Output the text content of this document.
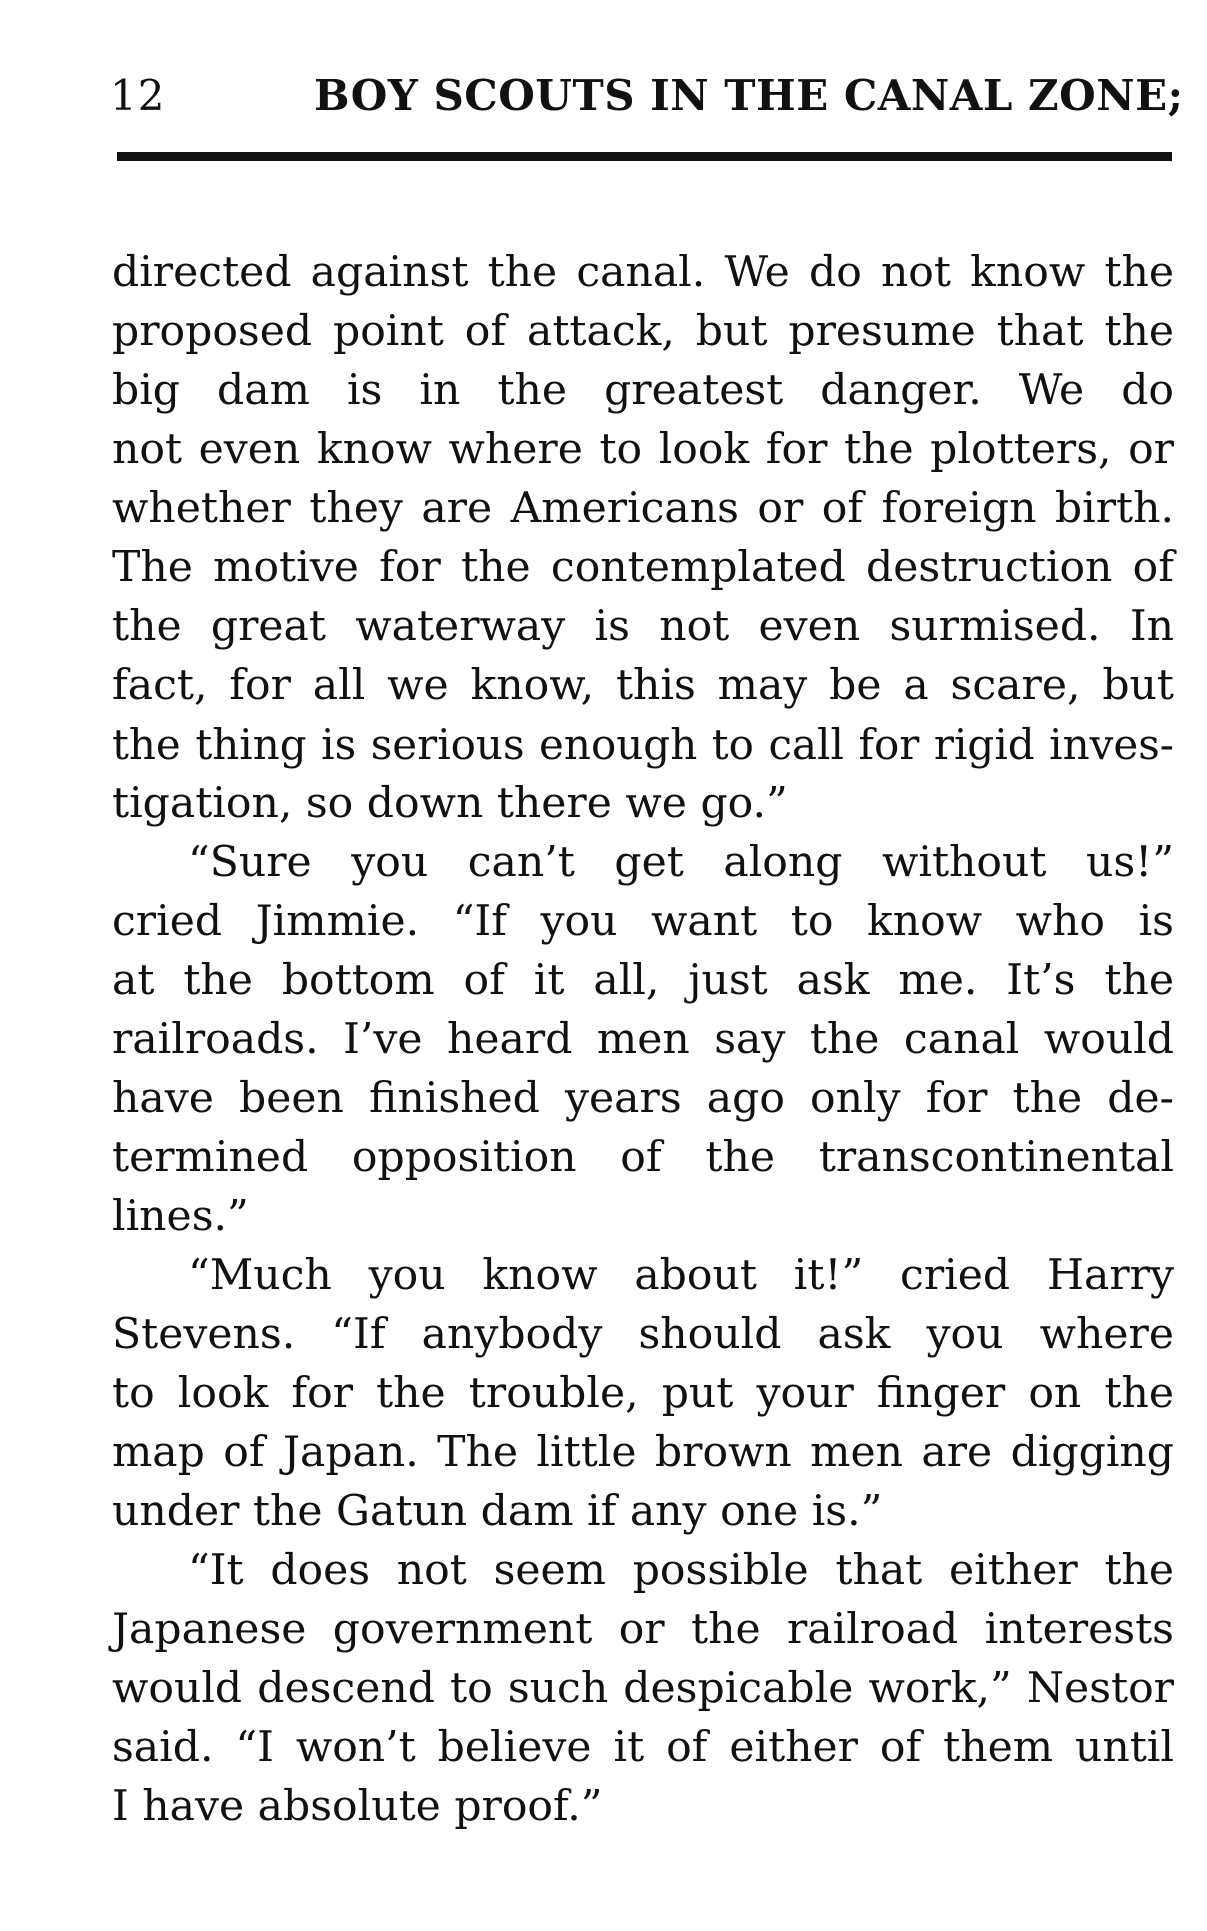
12	BOY SCOUTS IN THE CANAL ZONE;
directed against the canal. We do not know the
proposed point of attack, but presume that the
big dam is in the greatest danger. We do
not even know where to look for the plotters, or
whether they are Americans or of foreign birth.
The motive for the contemplated destruction of
the great waterway is not even surmised. In
fact, for all we know, this may be a scare, but
the thing is serious enough to call for rigid inves-
tigation, so down there we go.”
“Sure you can’t get along without us!”
cried Jimmie. “If you want to know who is
at the bottom of it all, just ask me. It’s the
railroads. I’ve heard men say the canal would
have been finished years ago only for the de-
termined opposition of the transcontinental
lines.”
“Much you know about it!” cried Harry
Stevens. “If anybody should ask you where
to look for the trouble, put your finger on the
map of Japan. The little brown men are digging
under the Gatun dam if any one is.”
“It does not seem possible that either the
Japanese government or the railroad interests
would descend to such despicable work,” Nestor
said. “I won’t believe it of either of them until
I have absolute proof.”
